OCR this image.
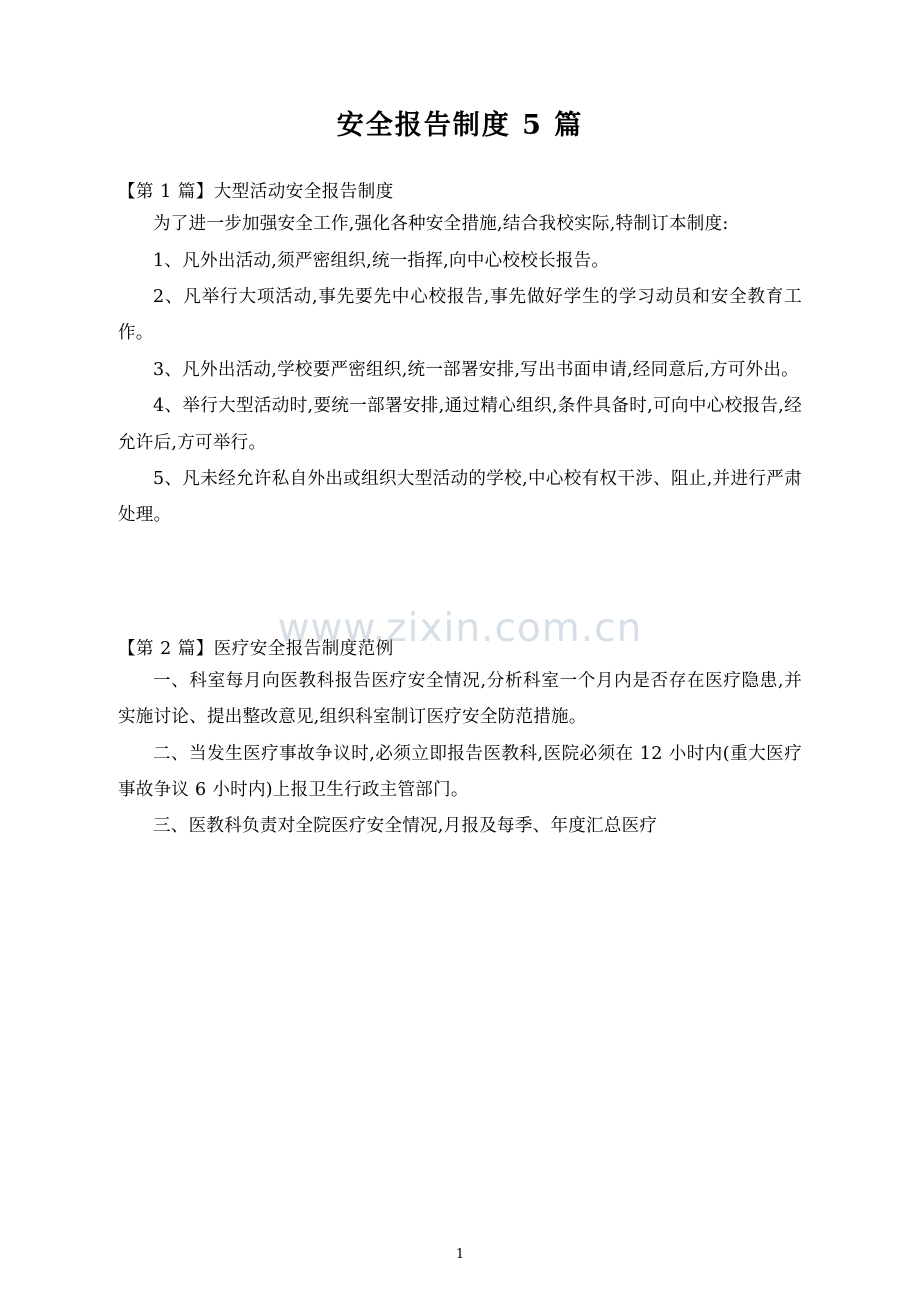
安全报告制度 5 篇
【第 1 篇】大型活动安全报告制度

为了进一步加强安全工作,强化各种安全措施,结合我校实际,特制订本制度:

1、凡外出活动,须严密组织,统一指挥,向中心校校长报告。

2、凡举行大项活动,事先要先中心校报告,事先做好学生的学习动员和安全教育工作。

3、凡外出活动,学校要严密组织,统一部署安排,写出书面申请,经同意后,方可外出。

4、举行大型活动时,要统一部署安排,通过精心组织,条件具备时,可向中心校报告,经允许后,方可举行。

5、凡未经允许私自外出或组织大型活动的学校,中心校有权干涉、阻止,并进行严肃处理。

【第 2 篇】医疗安全报告制度范例

一、科室每月向医教科报告医疗安全情况,分析科室一个月内是否存在医疗隐患,并实施讨论、提出整改意见,组织科室制订医疗安全防范措施。

二、当发生医疗事故争议时,必须立即报告医教科,医院必须在 12 小时内(重大医疗事故争议 6 小时内)上报卫生行政主管部门。

三、医教科负责对全院医疗安全情况,月报及每季、年度汇总医疗

www.zixin.com.cn
1
